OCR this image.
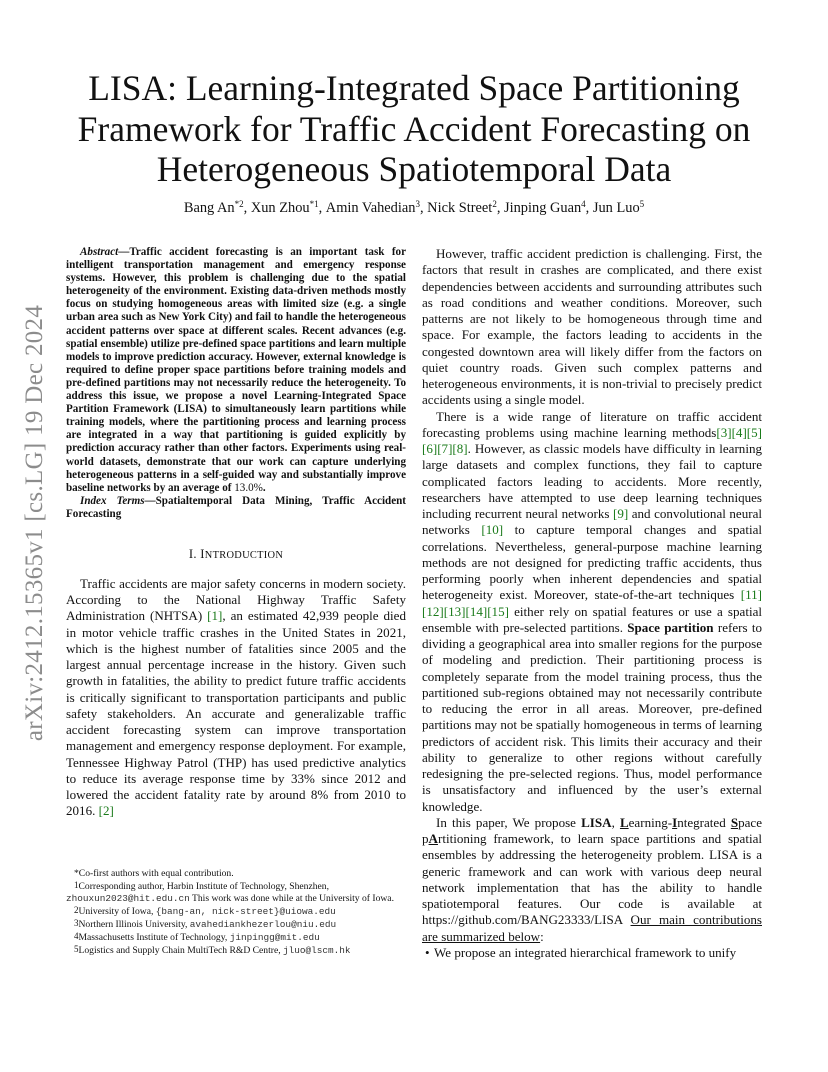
arXiv:2412.15365v1 [cs.LG] 19 Dec 2024
LISA: Learning-Integrated Space Partitioning
Framework for Traffic Accident Forecasting on
Heterogeneous Spatiotemporal Data
Bang An$^{*2}$, Xun Zhou$^{*1}$, Amin Vahedian$^3$, Nick Street$^2$, Jinping Guan$^4$, Jun Luo$^5$

Abstract—Traffic accident forecasting is an important task for intelligent transportation management and emergency response systems. However, this problem is challenging due to the spatial heterogeneity of the environment. Existing data-driven methods mostly focus on studying homogeneous areas with limited size (e.g. a single urban area such as New York City) and fail to handle the heterogeneous accident patterns over space at different scales. Recent advances (e.g. spatial ensemble) utilize pre-defined space partitions and learn multiple models to improve prediction accuracy. However, external knowledge is required to define proper space partitions before training models and pre-defined partitions may not necessarily reduce the heterogeneity. To address this issue, we propose a novel Learning-Integrated Space Partition Framework (LISA) to simultaneously learn partitions while training models, where the partitioning process and learning process are integrated in a way that partitioning is guided explicitly by prediction accuracy rather than other factors. Experiments using real-world datasets, demonstrate that our work can capture underlying heterogeneous patterns in a self-guided way and substantially improve baseline networks by an average of 13.0%.

Index Terms—Spatialtemporal Data Mining, Traffic Accident Forecasting

I. INTRODUCTION

Traffic accidents are major safety concerns in modern society. According to the National Highway Traffic Safety Administration (NHTSA) [1], an estimated 42,939 people died in motor vehicle traffic crashes in the United States in 2021, which is the highest number of fatalities since 2005 and the largest annual percentage increase in the history. Given such growth in fatalities, the ability to predict future traffic accidents is critically significant to transportation participants and public safety stakeholders. An accurate and generalizable traffic accident forecasting system can improve transportation management and emergency response deployment. For example, Tennessee Highway Patrol (THP) has used predictive analytics to reduce its average response time by 33% since 2012 and lowered the accident fatality rate by around 8% from 2010 to 2016. [2]

*Co-first authors with equal contribution.

$^1$Corresponding author, Harbin Institute of Technology, Shenzhen, zhouxun2023@hit.edu.cn This work was done while at the University of Iowa.

$^2$University of Iowa, {bang-an, nick-street}@uiowa.edu

$^3$Northern Illinois University, avahediankhezerlou@niu.edu

$^4$Massachusetts Institute of Technology, jinpingg@mit.edu

$^5$Logistics and Supply Chain MultiTech R&D Centre, jluo@lscm.hk

However, traffic accident prediction is challenging. First, the factors that result in crashes are complicated, and there exist dependencies between accidents and surrounding attributes such as road conditions and weather conditions. Moreover, such patterns are not likely to be homogeneous through time and space. For example, the factors leading to accidents in the congested downtown area will likely differ from the factors on quiet country roads. Given such complex patterns and heterogeneous environments, it is non-trivial to precisely predict accidents using a single model.

There is a wide range of literature on traffic accident forecasting problems using machine learning methods[3][4][5][6][7][8]. However, as classic models have difficulty in learning large datasets and complex functions, they fail to capture complicated factors leading to accidents. More recently, researchers have attempted to use deep learning techniques including recurrent neural networks [9] and convolutional neural networks [10] to capture temporal changes and spatial correlations. Nevertheless, general-purpose machine learning methods are not designed for predicting traffic accidents, thus performing poorly when inherent dependencies and spatial heterogeneity exist. Moreover, state-of-the-art techniques [11] [12][13][14][15] either rely on spatial features or use a spatial ensemble with pre-selected partitions. Space partition refers to dividing a geographical area into smaller regions for the purpose of modeling and prediction. Their partitioning process is completely separate from the model training process, thus the partitioned sub-regions obtained may not necessarily contribute to reducing the error in all areas. Moreover, pre-defined partitions may not be spatially homogeneous in terms of learning predictors of accident risk. This limits their accuracy and their ability to generalize to other regions without carefully redesigning the pre-selected regions. Thus, model performance is unsatisfactory and influenced by the user’s external knowledge.

In this paper, We propose LISA, Learning-Integrated Space pArtitioning framework, to learn space partitions and spatial ensembles by addressing the heterogeneity problem. LISA is a generic framework and can work with various deep neural network implementation that has the ability to handle spatiotemporal features. Our code is available at https://github.com/BANG23333/LISA Our main contributions are summarized below:

• We propose an integrated hierarchical framework to unify
